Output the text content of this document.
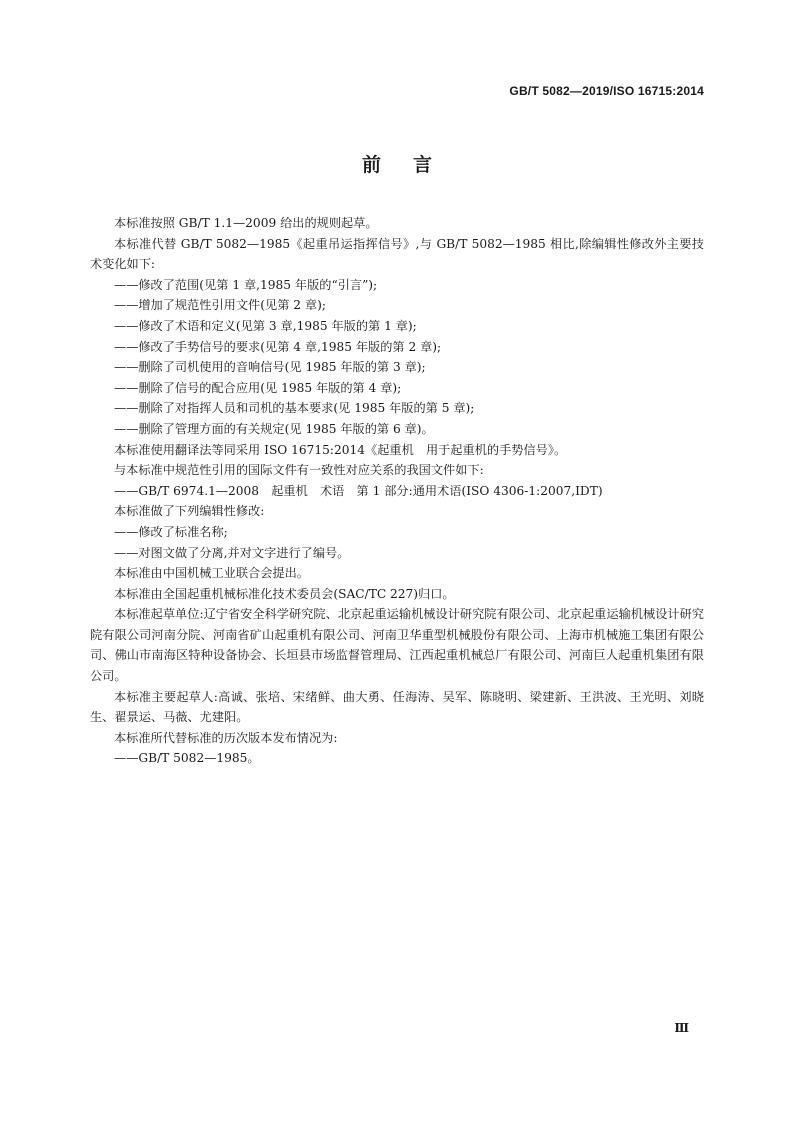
GB/T 5082—2019/ISO 16715:2014
前言

本标准按照 GB/T 1.1—2009 给出的规则起草。

本标准代替 GB/T 5082—1985《起重吊运指挥信号》,与 GB/T 5082—1985 相比,除编辑性修改外主要技术变化如下:

——修改了范围(见第 1 章,1985 年版的“引言”);

——增加了规范性引用文件(见第 2 章);

——修改了术语和定义(见第 3 章,1985 年版的第 1 章);

——修改了手势信号的要求(见第 4 章,1985 年版的第 2 章);

——删除了司机使用的音响信号(见 1985 年版的第 3 章);

——删除了信号的配合应用(见 1985 年版的第 4 章);

——删除了对指挥人员和司机的基本要求(见 1985 年版的第 5 章);

——删除了管理方面的有关规定(见 1985 年版的第 6 章)。

本标准使用翻译法等同采用 ISO 16715:2014《起重机　用于起重机的手势信号》。

与本标准中规范性引用的国际文件有一致性对应关系的我国文件如下:

——GB/T 6974.1—2008　起重机　术语　第 1 部分:通用术语(ISO 4306-1:2007,IDT)

本标准做了下列编辑性修改:

——修改了标准名称;

——对图文做了分离,并对文字进行了编号。

本标准由中国机械工业联合会提出。

本标准由全国起重机械标准化技术委员会(SAC/TC 227)归口。

本标准起草单位:辽宁省安全科学研究院、北京起重运输机械设计研究院有限公司、北京起重运输机械设计研究院有限公司河南分院、河南省矿山起重机有限公司、河南卫华重型机械股份有限公司、上海市机械施工集团有限公司、佛山市南海区特种设备协会、长垣县市场监督管理局、江西起重机械总厂有限公司、河南巨人起重机集团有限公司。

本标准主要起草人:高诚、张培、宋绪鲜、曲大勇、任海涛、吴军、陈晓明、梁建新、王洪波、王光明、刘晓生、翟景运、马薇、尤建阳。

本标准所代替标准的历次版本发布情况为:

——GB/T 5082—1985。

Ⅲ
